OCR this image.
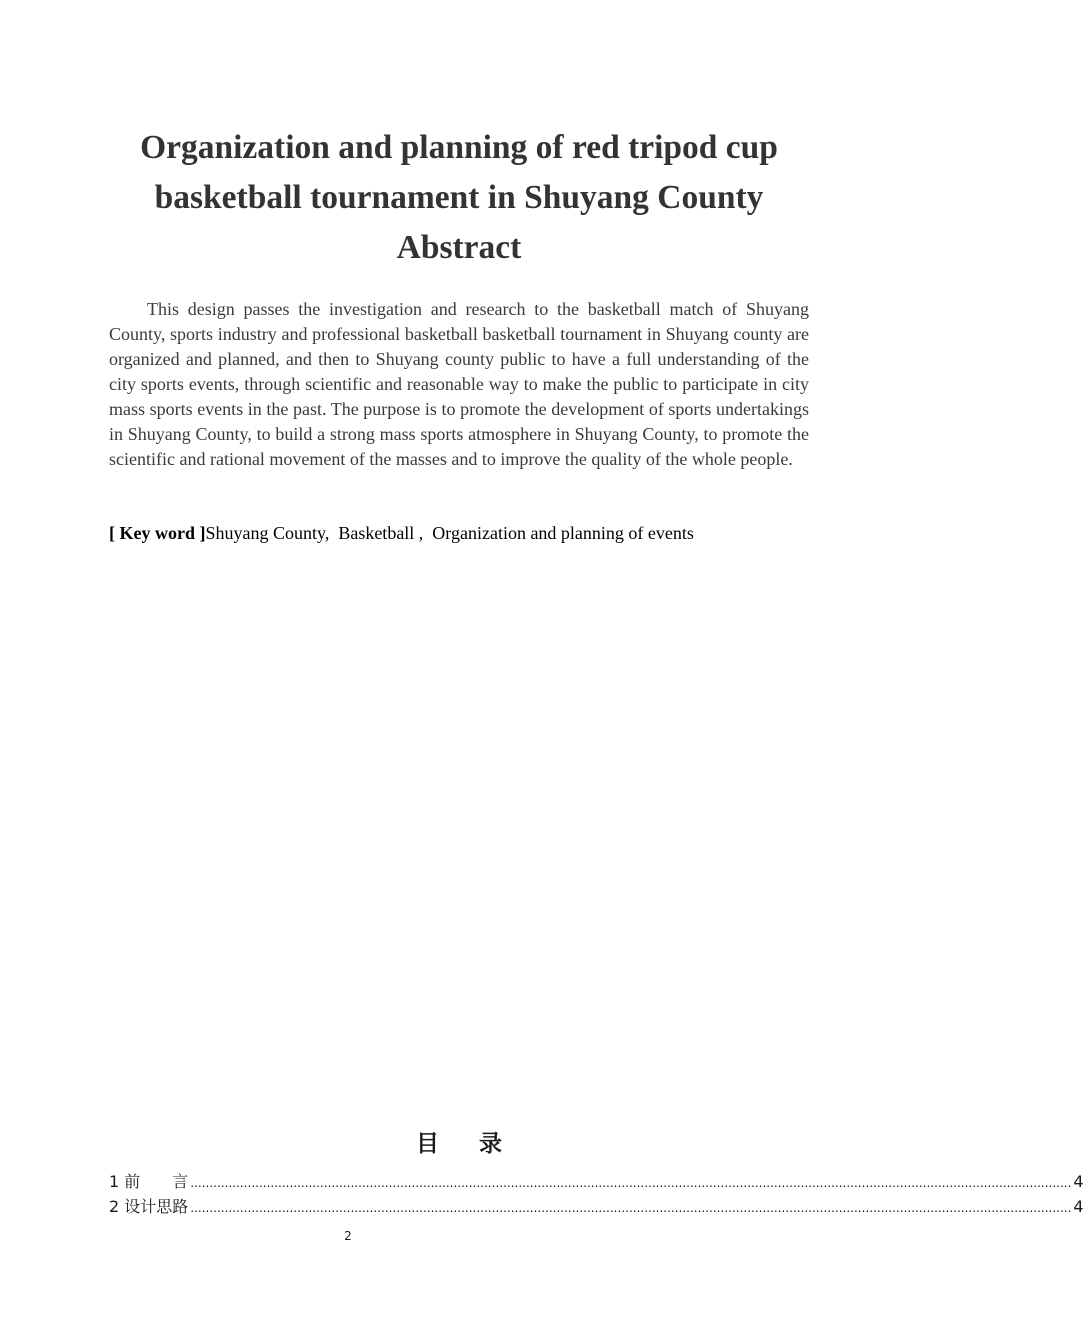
Organization and planning of red tripod cup
basketball tournament in Shuyang County
Abstract

This design passes the investigation and research to the basketball match of Shuyang County, sports industry and professional basketball basketball tournament in Shuyang county are organized and planned, and then to Shuyang county public to have a full understanding of the city sports events, through scientific and reasonable way to make the public to participate in city mass sports events in the past. The purpose is to promote the development of sports undertakings in Shuyang County, to build a strong mass sports atmosphere in Shuyang County, to promote the scientific and rational movement of the masses and to improve the quality of the whole people.

[ Key word ]Shuyang County,  Basketball ,  Organization and planning of events
目录
1 前　　言 ....................................................................................................................................................................................................................................... 4
2 设计思路 ....................................................................................................................................................................................................................................... 4
2
